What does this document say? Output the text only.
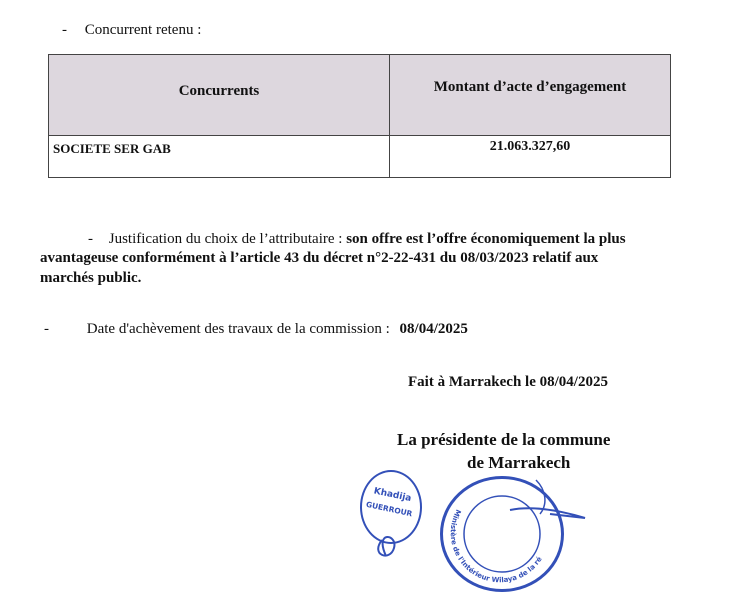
- Concurrent retenu :
Concurrents	Montant d’acte d’engagement
SOCIETE SER GAB	21.063.327,60
- Justification du choix de l’attributaire : son offre est l’offre économiquement la plus
avantageuse conformément à l’article 43 du décret n°2-22-431 du 08/03/2023 relatif aux
marchés public.
-	Date d'achèvement des travaux de la commission : 08/04/2025
Fait à Marrakech le 08/04/2025
La présidente de la commune
de Marrakech
Khadija
GUERROUR	Ministère de l'Intérieur Wilaya de la ré
